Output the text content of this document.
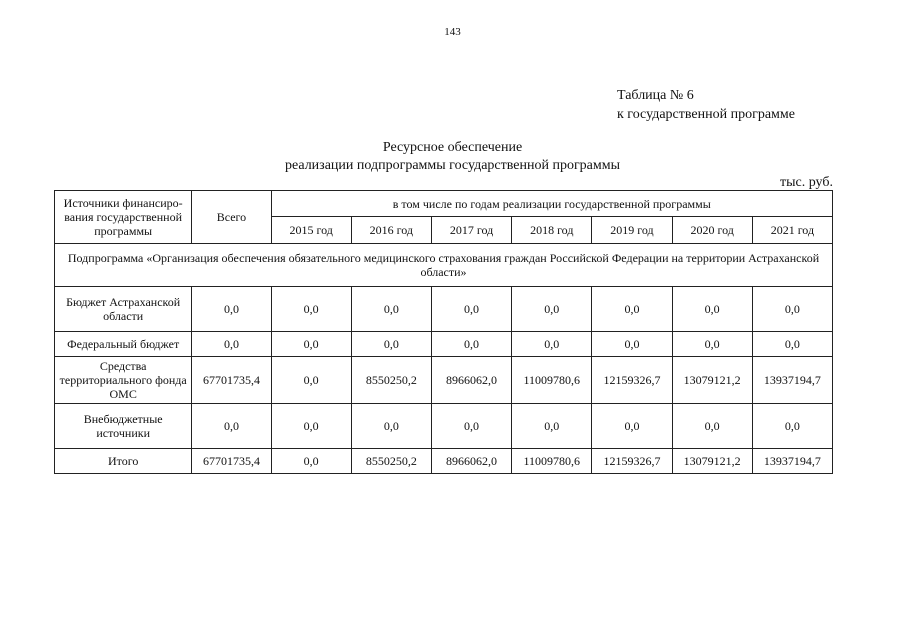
143
Таблица № 6
к государственной программе
Ресурсное обеспечение
реализации подпрограммы государственной программы
тыс. руб.
Источники финансиро-вания государственной программы	Всего	в том числе по годам реализации государственной программы						
		2015 год	2016 год	2017 год	2018 год	2019 год	2020 год	2021 год
Подпрограмма «Организация обеспечения обязательного медицинского страхования граждан Российской Федерации на территории Астраханской области»								
Бюджет Астраханской области	0,0	0,0	0,0	0,0	0,0	0,0	0,0	0,0
Федеральный бюджет	0,0	0,0	0,0	0,0	0,0	0,0	0,0	0,0
Средства территориального фонда ОМС	67701735,4	0,0	8550250,2	8966062,0	11009780,6	12159326,7	13079121,2	13937194,7
Внебюджетные источники	0,0	0,0	0,0	0,0	0,0	0,0	0,0	0,0
Итого	67701735,4	0,0	8550250,2	8966062,0	11009780,6	12159326,7	13079121,2	13937194,7
